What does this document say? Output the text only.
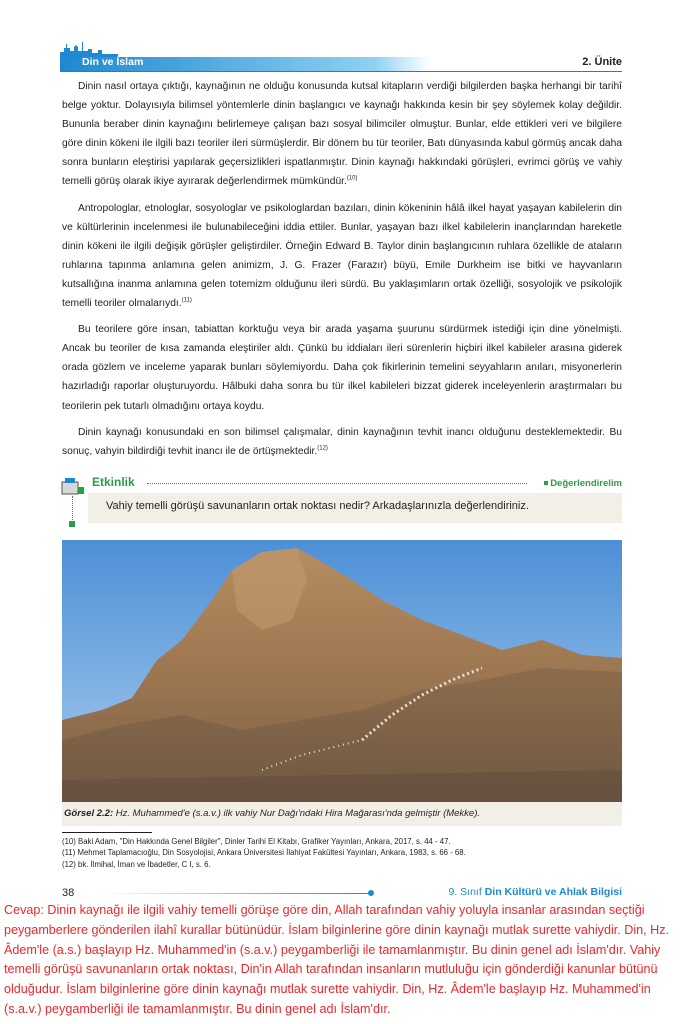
Din ve İslam	2. Ünite

Dinin nasıl ortaya çıktığı, kaynağının ne olduğu konusunda kutsal kitapların verdiği bilgilerden başka herhangi bir tarihî belge yoktur. Dolayısıyla bilimsel yöntemlerle dinin başlangıcı ve kaynağı hakkında kesin bir şey söylemek kolay değildir. Bununla beraber dinin kaynağını belirlemeye çalışan bazı sosyal bilimciler olmuştur. Bunlar, elde ettikleri veri ve bilgilere göre dinin kökeni ile ilgili bazı teoriler ileri sürmüşlerdir. Bir dönem bu tür teoriler, Batı dünyasında kabul görmüş ancak daha sonra bunların eleştirisi yapılarak geçersizlikleri ispatlanmıştır. Dinin kaynağı hakkındaki görüşleri, evrimci görüş ve vahiy temelli görüş olarak ikiye ayırarak değerlendirmek mümkündür.$^{(10)}$

Antropologlar, etnologlar, sosyologlar ve psikologlardan bazıları, dinin kökeninin hâlâ ilkel hayat yaşayan kabilelerin din ve kültürlerinin incelenmesi ile bulunabileceğini iddia ettiler. Bunlar, yaşayan bazı ilkel kabilelerin inançlarından hareketle dinin kökeni ile ilgili değişik görüşler geliştirdiler. Örneğin Edward B. Taylor dinin başlangıcının ruhlara özellikle de ataların ruhlarına tapınma anlamına gelen animizm, J. G. Frazer (Farazır) büyü, Emile Durkheim ise bitki ve hayvanların kutsallığına inanma anlamına gelen totemizm olduğunu ileri sürdü. Bu yaklaşımların ortak özelliği, sosyolojik ve psikolojik temelli teoriler olmalarıydı.$^{(11)}$

Bu teorilere göre insan, tabiattan korktuğu veya bir arada yaşama şuurunu sürdürmek istediği için dine yönelmişti. Ancak bu teoriler de kısa zamanda eleştiriler aldı. Çünkü bu iddiaları ileri sürenlerin hiçbiri ilkel kabileler arasına giderek orada gözlem ve inceleme yaparak bunları söylemiyordu. Daha çok fikirlerinin temelini seyyahların anıları, misyonerlerin hazırladığı raporlar oluşturuyordu. Hâlbuki daha sonra bu tür ilkel kabileleri bizzat giderek inceleyenlerin araştırmaları bu teorilerin pek tutarlı olmadığını ortaya koydu.

Dinin kaynağı konusundaki en son bilimsel çalışmalar, dinin kaynağının tevhit inancı olduğunu desteklemektedir. Bu sonuç, vahyin bildirdiği tevhit inancı ile de örtüşmektedir.$^{(12)}$

Etkinlik	Değerlendirelim
Vahiy temelli görüşü savunanların ortak noktası nedir? Arkadaşlarınızla değerlendiriniz.
Görsel 2.2: Hz. Muhammed'e (s.a.v.) ilk vahiy Nur Dağı'ndaki Hira Mağarası'nda gelmiştir (Mekke).
(10) Baki Adam, "Din Hakkında Genel Bilgiler", Dinler Tarihi El Kitabı, Grafiker Yayınları, Ankara, 2017, s. 44 - 47.
(11) Mehmet Taplamacıoğlu, Din Sosyolojisi, Ankara Üniversitesi İlahiyat Fakültesi Yayınları, Ankara, 1983, s. 66 - 68.
(12) bk. İlmihal, İman ve İbadetler, C I, s. 6.
38	9. Sınıf Din Kültürü ve Ahlak Bilgisi
Cevap: Dinin kaynağı ile ilgili vahiy temelli görüşe göre din, Allah tarafından vahiy yoluyla insanlar arasından seçtiği peygamberlere gönderilen ilahî kurallar bütünüdür. İslam bilginlerine göre dinin kaynağı mutlak surette vahiydir. Din, Hz. Âdem'le (a.s.) başlayıp Hz. Muhammed'in (s.a.v.) peygamberliği ile tamamlanmıştır. Bu dinin genel adı İslam'dır. Vahiy temelli görüşü savunanların ortak noktası, Din'in Allah tarafından insanların mutluluğu için gönderdiği kanunlar bütünü olduğudur. İslam bilginlerine göre dinin kaynağı mutlak surette vahiydir. Din, Hz. Âdem'le başlayıp Hz. Muhammed'in (s.a.v.) peygamberliği ile tamamlanmıştır. Bu dinin genel adı İslam'dır.
